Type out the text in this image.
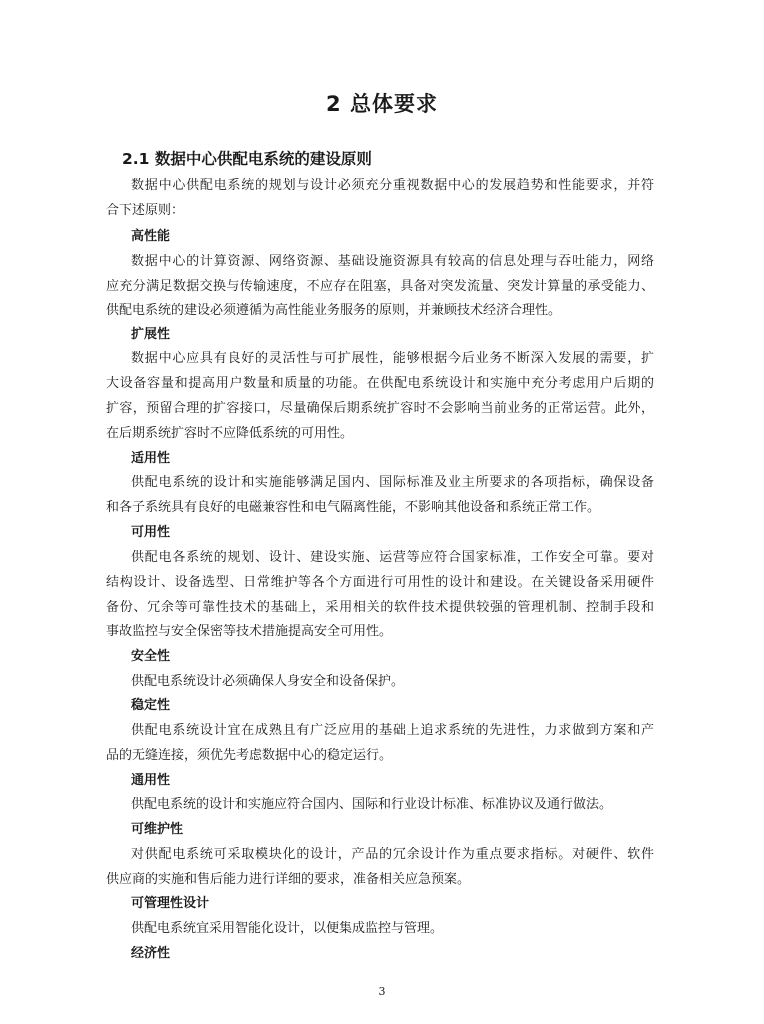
2 总体要求
2.1 数据中心供配电系统的建设原则
数据中心供配电系统的规划与设计必须充分重视数据中心的发展趋势和性能要求，并符
合下述原则：
高性能
数据中心的计算资源、网络资源、基础设施资源具有较高的信息处理与吞吐能力，网络
应充分满足数据交换与传输速度，不应存在阻塞，具备对突发流量、突发计算量的承受能力、
供配电系统的建设必须遵循为高性能业务服务的原则，并兼顾技术经济合理性。
扩展性
数据中心应具有良好的灵活性与可扩展性，能够根据今后业务不断深入发展的需要，扩
大设备容量和提高用户数量和质量的功能。在供配电系统设计和实施中充分考虑用户后期的
扩容，预留合理的扩容接口，尽量确保后期系统扩容时不会影响当前业务的正常运营。此外，
在后期系统扩容时不应降低系统的可用性。
适用性
供配电系统的设计和实施能够满足国内、国际标准及业主所要求的各项指标，确保设备
和各子系统具有良好的电磁兼容性和电气隔离性能，不影响其他设备和系统正常工作。
可用性
供配电各系统的规划、设计、建设实施、运营等应符合国家标准，工作安全可靠。要对
结构设计、设备选型、日常维护等各个方面进行可用性的设计和建设。在关键设备采用硬件
备份、冗余等可靠性技术的基础上，采用相关的软件技术提供较强的管理机制、控制手段和
事故监控与安全保密等技术措施提高安全可用性。
安全性
供配电系统设计必须确保人身安全和设备保护。
稳定性
供配电系统设计宜在成熟且有广泛应用的基础上追求系统的先进性，力求做到方案和产
品的无缝连接，须优先考虑数据中心的稳定运行。
通用性
供配电系统的设计和实施应符合国内、国际和行业设计标准、标准协议及通行做法。
可维护性
对供配电系统可采取模块化的设计，产品的冗余设计作为重点要求指标。对硬件、软件
供应商的实施和售后能力进行详细的要求，准备相关应急预案。
可管理性设计
供配电系统宜采用智能化设计，以便集成监控与管理。
经济性
3
